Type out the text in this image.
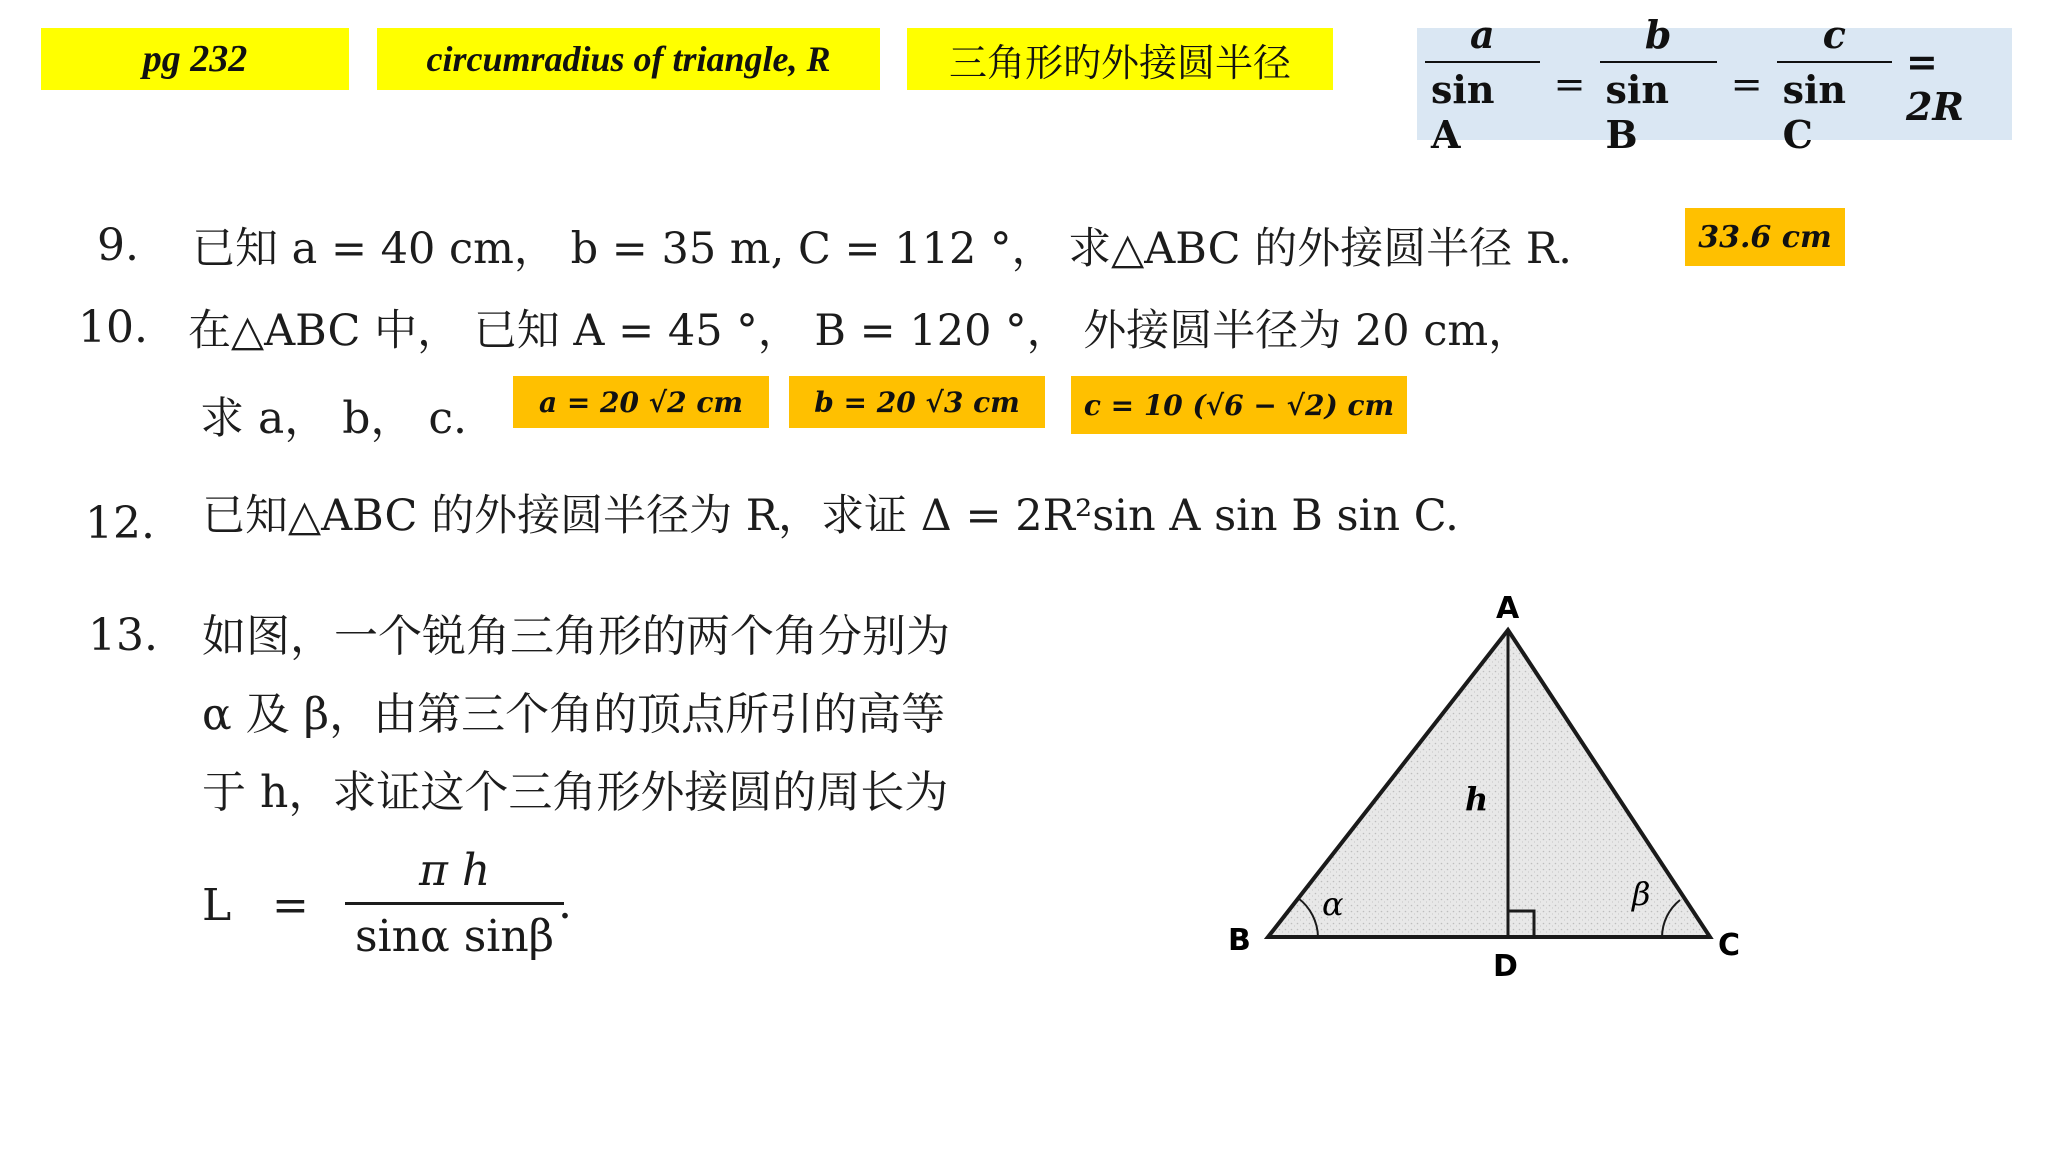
pg 232	circumradius of triangle, R	三角形旳外接圆半径	$\frac{a}{\text{sin A}} = \frac{b}{\text{sin B}} = \frac{c}{\text{sin C}} = 2R$
9. 已知 a = 40 cm， b = 35 m, C = 112 °， 求△ABC 的外接圆半径 R.	33.6 cm
10. 在△ABC 中， 已知 A = 45 °， B = 120 °， 外接圆半径为 20 cm，
求 a， b， c.	a = 20 √2 cm	b = 20 √3 cm	c = 10 (√6 − √2) cm
12. 已知△ABC 的外接圆半径为 R，求证 Δ = 2R²sin A sin B sin C.
13. 如图，一个锐角三角形的两个角分别为
α 及 β，由第三个角的顶点所引的高等
于 h，求证这个三角形外接圆的周长为
$L = \frac{\text{π h}}{\text{sinα sinβ}}$
.
A
B	C
D
h
α	β
